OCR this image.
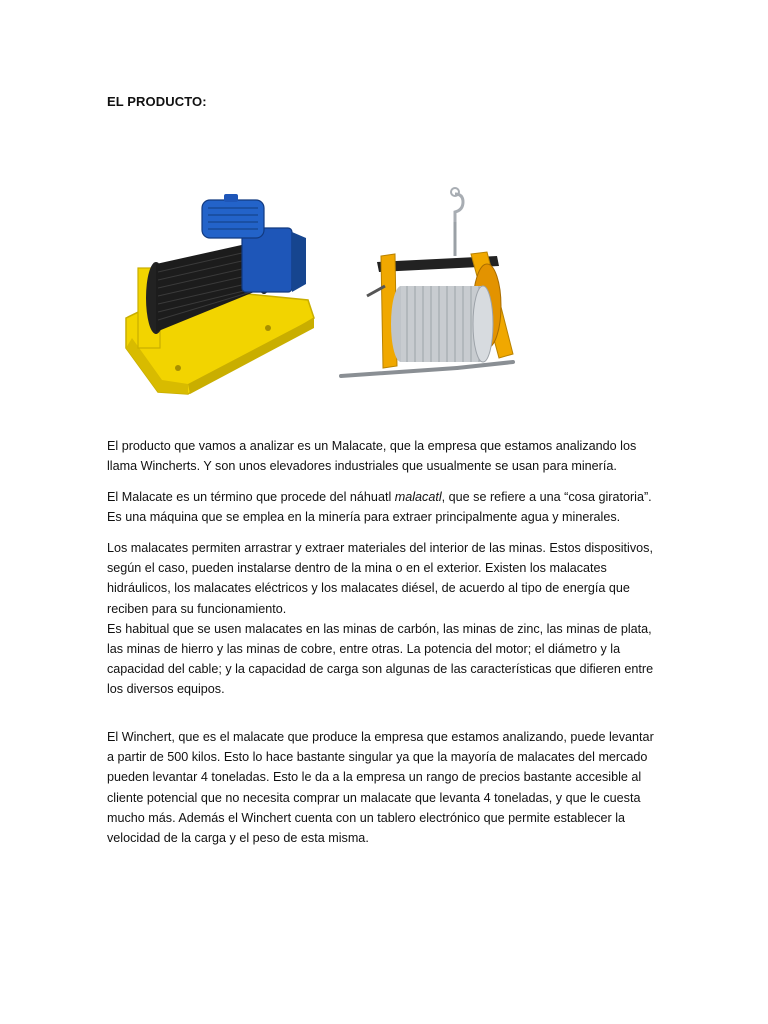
EL PRODUCTO:

El producto que vamos a analizar es un Malacate, que la empresa que estamos analizando los
llama Wincherts. Y son unos elevadores industriales que usualmente se usan para minería.

El Malacate es un término que procede del náhuatl malacatl, que se refiere a una “cosa giratoria”.
Es una máquina que se emplea en la minería para extraer principalmente agua y minerales.

Los malacates permiten arrastrar y extraer materiales del interior de las minas. Estos dispositivos,
según el caso, pueden instalarse dentro de la mina o en el exterior. Existen los malacates
hidráulicos, los malacates eléctricos y los malacates diésel, de acuerdo al tipo de energía que
reciben para su funcionamiento.
Es habitual que se usen malacates en las minas de carbón, las minas de zinc, las minas de plata,
las minas de hierro y las minas de cobre, entre otras. La potencia del motor; el diámetro y la
capacidad del cable; y la capacidad de carga son algunas de las características que difieren entre
los diversos equipos.

El Winchert, que es el malacate que produce la empresa que estamos analizando, puede levantar
a partir de 500 kilos. Esto lo hace bastante singular ya que la mayoría de malacates del mercado
pueden levantar 4 toneladas. Esto le da a la empresa un rango de precios bastante accesible al
cliente potencial que no necesita comprar un malacate que levanta 4 toneladas, y que le cuesta
mucho más. Además el Winchert cuenta con un tablero electrónico que permite establecer la
velocidad de la carga y el peso de esta misma.
